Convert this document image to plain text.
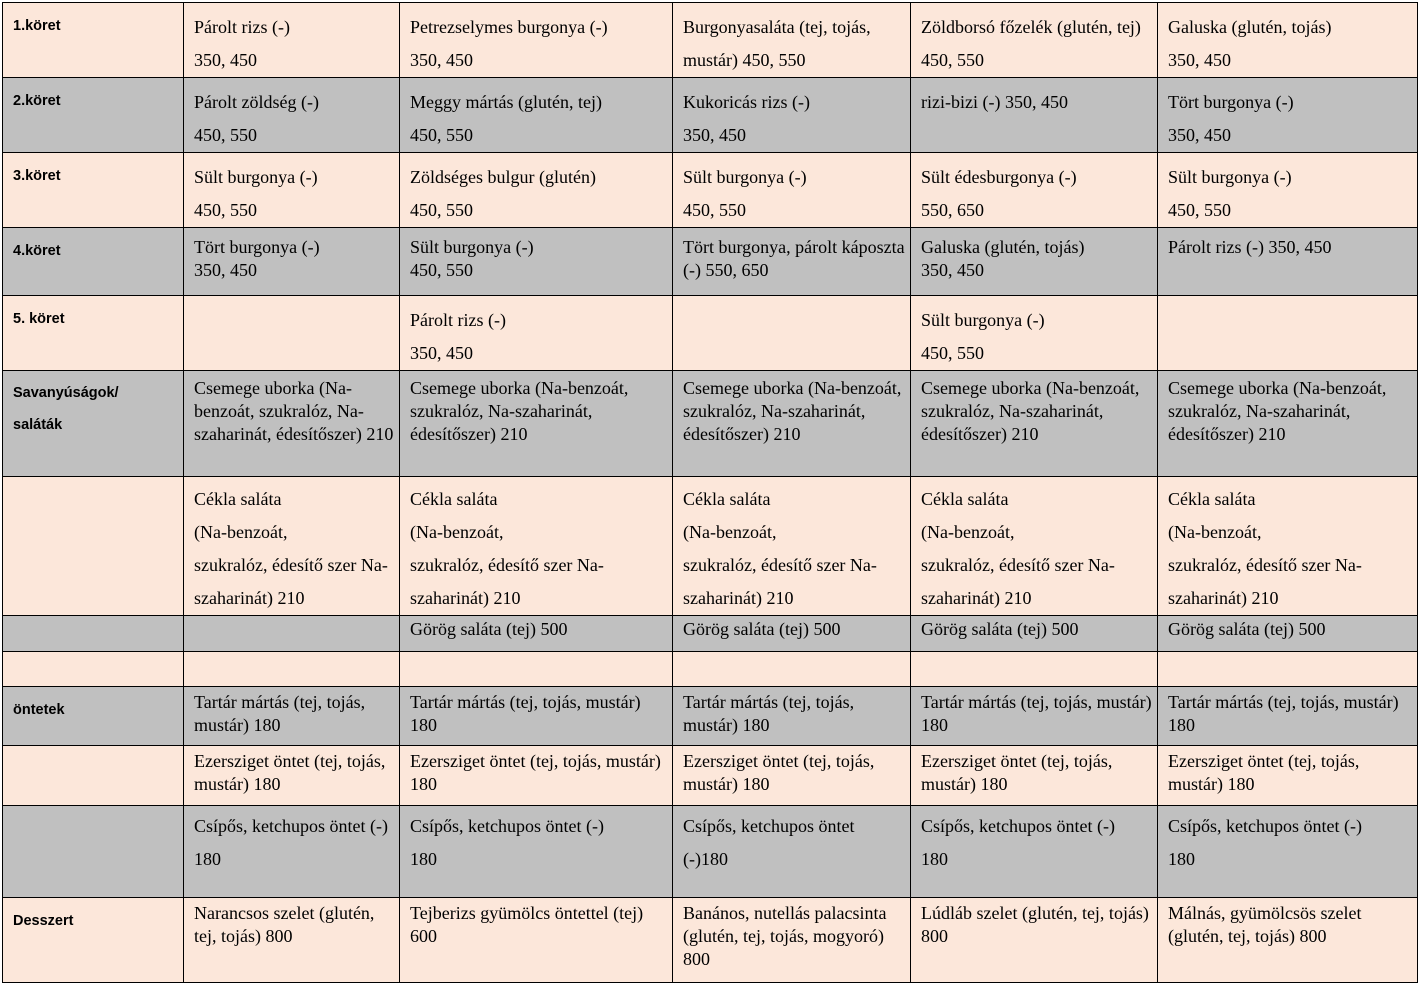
1.köret	Párolt rizs (-)
350, 450	Petrezselymes burgonya (-)
350, 450	Burgonyasaláta (tej, tojás, mustár) 450, 550	Zöldborsó főzelék (glutén, tej) 450, 550	Galuska (glutén, tojás)
350, 450

2.köret	Párolt zöldség (-)
450, 550	Meggy mártás (glutén, tej)
450, 550	Kukoricás rizs (-)
350, 450	rizi-bizi (-) 350, 450	Tört burgonya (-)
350, 450

3.köret	Sült burgonya (-)
450, 550	Zöldséges bulgur (glutén)
450, 550	Sült burgonya (-)
450, 550	Sült édesburgonya (-)
550, 650	Sült burgonya (-)
450, 550

4.köret	Tört burgonya (-)
350, 450	Sült burgonya (-)
450, 550	Tört burgonya, párolt káposzta (-) 550, 650	Galuska (glutén, tojás)
350, 450	Párolt rizs (-) 350, 450

5. köret		Párolt rizs (-)
350, 450		Sült burgonya (-)
450, 550	

Savanyúságok/
saláták	Csemege uborka (Na-benzoát, szukralóz, Na-szaharinát, édesítőszer) 210	Csemege uborka (Na-benzoát, szukralóz, Na-szaharinát, édesítőszer) 210	Csemege uborka (Na-benzoát, szukralóz, Na-szaharinát, édesítőszer) 210	Csemege uborka (Na-benzoát, szukralóz, Na-szaharinát, édesítőszer) 210	Csemege uborka (Na-benzoát, szukralóz, Na-szaharinát, édesítőszer) 210

	Cékla saláta
(Na-benzoát,
szukralóz, édesítő szer Na-szaharinát) 210	Cékla saláta
(Na-benzoát,
szukralóz, édesítő szer Na-szaharinát) 210	Cékla saláta
(Na-benzoát,
szukralóz, édesítő szer Na-szaharinát) 210	Cékla saláta
(Na-benzoát,
szukralóz, édesítő szer Na-szaharinát) 210	Cékla saláta
(Na-benzoát,
szukralóz, édesítő szer Na-szaharinát) 210

		Görög saláta (tej) 500	Görög saláta (tej) 500	Görög saláta (tej) 500	Görög saláta (tej) 500

öntetek	Tartár mártás (tej, tojás, mustár) 180	Tartár mártás (tej, tojás, mustár) 180	Tartár mártás (tej, tojás, mustár) 180	Tartár mártás (tej, tojás, mustár) 180	Tartár mártás (tej, tojás, mustár) 180

	Ezersziget öntet (tej, tojás, mustár) 180	Ezersziget öntet (tej, tojás, mustár) 180	Ezersziget öntet (tej, tojás, mustár) 180	Ezersziget öntet (tej, tojás, mustár) 180	Ezersziget öntet (tej, tojás, mustár) 180

	Csípős, ketchupos öntet (-)
180	Csípős, ketchupos öntet (-)
180	Csípős, ketchupos öntet
(-)180	Csípős, ketchupos öntet (-)
180	Csípős, ketchupos öntet (-)
180

Desszert	Narancsos szelet (glutén, tej, tojás) 800	Tejberizs gyümölcs öntettel (tej) 600	Banános, nutellás palacsinta (glutén, tej, tojás, mogyoró) 800	Lúdláb szelet (glutén, tej, tojás) 800	Málnás, gyümölcsös szelet
(glutén, tej, tojás) 800
